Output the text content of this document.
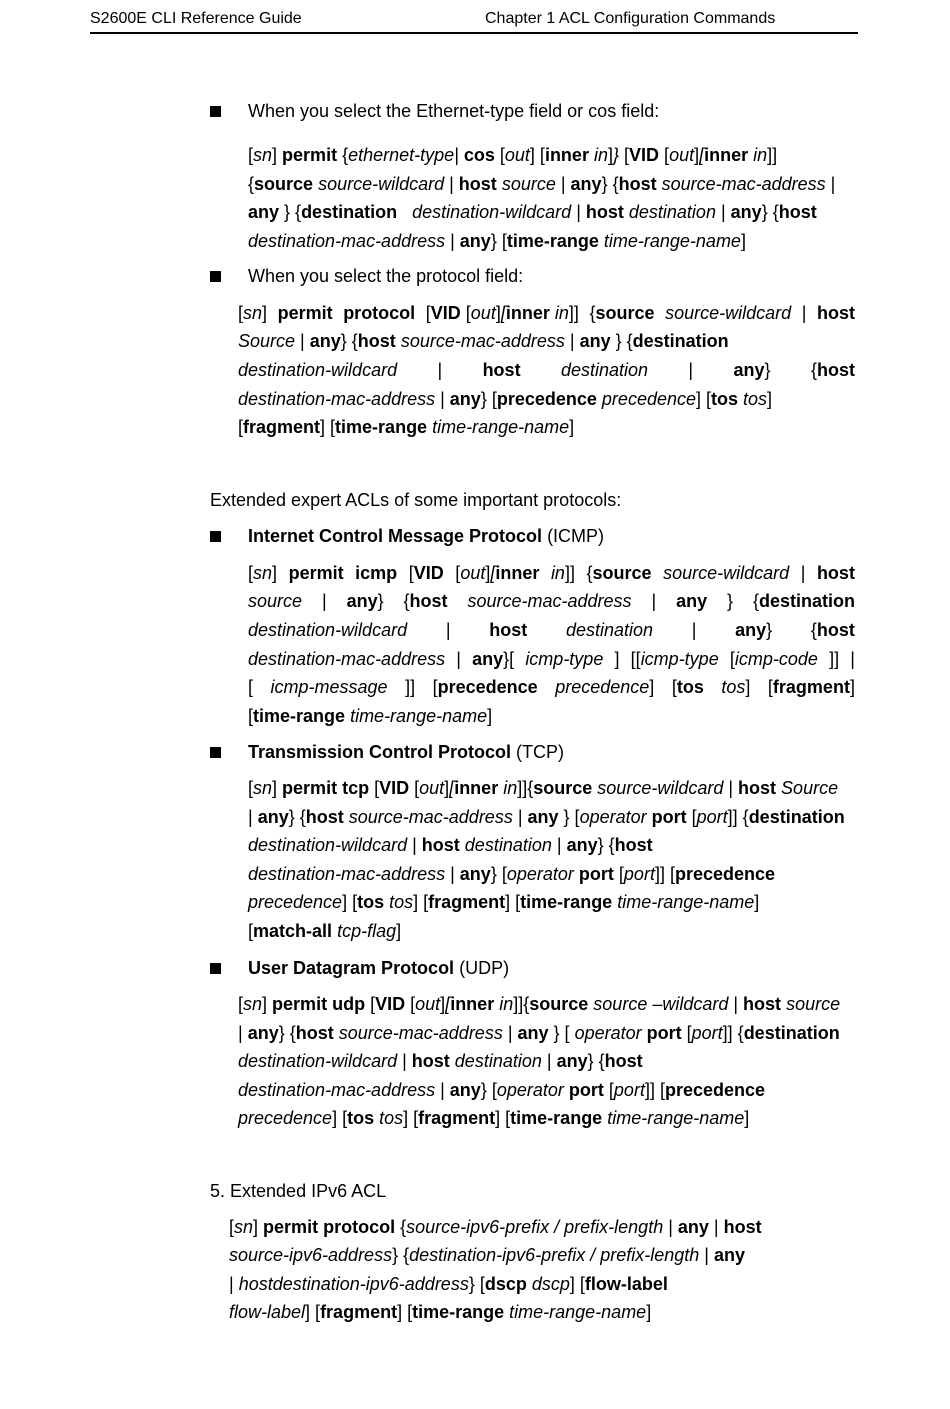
S2600E CLI Reference Guide	Chapter 1 ACL Configuration Commands
When you select the Ethernet-type field or cos field:
[sn] permit {ethernet-type| cos [out] [inner in]} [VID [out][inner in]]
{source source-wildcard | host source | any} {host source-mac-address |
any } {destination destination-wildcard | host destination | any} {host
destination-mac-address | any} [time-range time-range-name]
When you select the protocol field:
[sn] permit protocol [VID [out][inner in]] {source source-wildcard | host
Source | any} {host source-mac-address | any } {destination
destination-wildcard | host destination | any} {host
destination-mac-address | any} [precedence precedence] [tos tos]
[fragment] [time-range time-range-name]
Extended expert ACLs of some important protocols:
Internet Control Message Protocol (ICMP)
[sn] permit icmp [VID [out][inner in]] {source source-wildcard | host
source | any} {host source-mac-address | any } {destination
destination-wildcard | host destination | any} {host
destination-mac-address | any}[ icmp-type ] [[icmp-type [icmp-code ]] |
[ icmp-message ]] [precedence precedence] [tos tos] [fragment]
[time-range time-range-name]
Transmission Control Protocol (TCP)
[sn] permit tcp [VID [out][inner in]]{source source-wildcard | host Source
| any} {host source-mac-address | any } [operator port [port]] {destination
destination-wildcard | host destination | any} {host
destination-mac-address | any} [operator port [port]] [precedence
precedence] [tos tos] [fragment] [time-range time-range-name]
[match-all tcp-flag]
User Datagram Protocol (UDP)
[sn] permit udp [VID [out][inner in]]{source source –wildcard | host source
| any} {host source-mac-address | any } [ operator port [port]] {destination
destination-wildcard | host destination | any} {host
destination-mac-address | any} [operator port [port]] [precedence
precedence] [tos tos] [fragment] [time-range time-range-name]
5. Extended IPv6 ACL
[sn] permit protocol {source-ipv6-prefix / prefix-length | any | host
source-ipv6-address} {destination-ipv6-prefix / prefix-length | any
| hostdestination-ipv6-address} [dscp dscp] [flow-label
flow-label] [fragment] [time-range time-range-name]
